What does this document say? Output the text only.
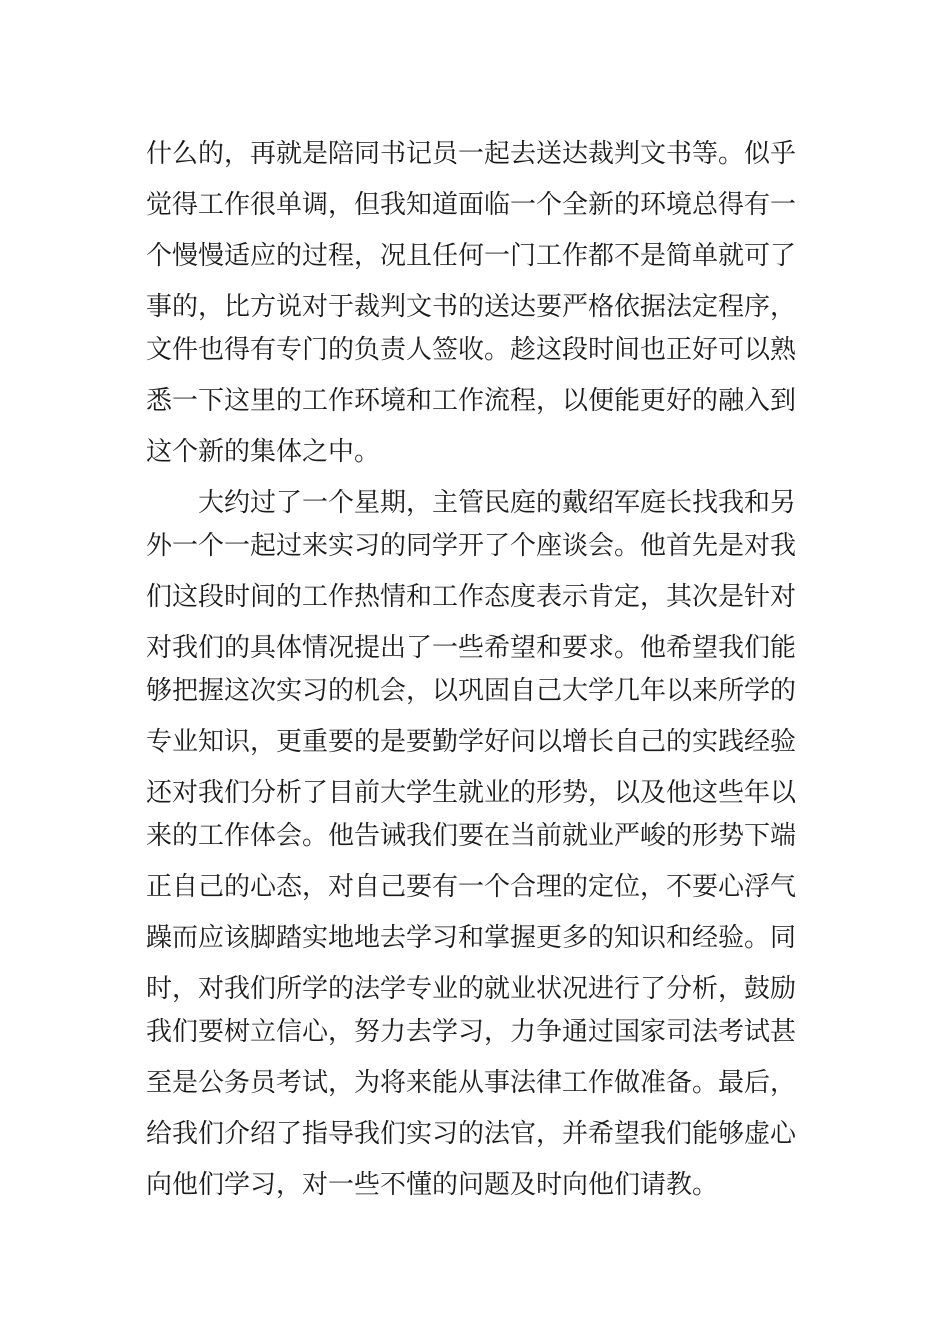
什么的，再就是陪同书记员一起去送达裁判文书等。似乎
觉得工作很单调，但我知道面临一个全新的环境总得有一
个慢慢适应的过程，况且任何一门工作都不是简单就可了
事的，比方说对于裁判文书的送达要严格依据法定程序，
文件也得有专门的负责人签收。趁这段时间也正好可以熟
悉一下这里的工作环境和工作流程，以便能更好的融入到
这个新的集体之中。
大约过了一个星期，主管民庭的戴绍军庭长找我和另
外一个一起过来实习的同学开了个座谈会。他首先是对我
们这段时间的工作热情和工作态度表示肯定，其次是针对
对我们的具体情况提出了一些希望和要求。他希望我们能
够把握这次实习的机会，以巩固自己大学几年以来所学的
专业知识，更重要的是要勤学好问以增长自己的实践经验
还对我们分析了目前大学生就业的形势，以及他这些年以
来的工作体会。他告诫我们要在当前就业严峻的形势下端
正自己的心态，对自己要有一个合理的定位，不要心浮气
躁而应该脚踏实地地去学习和掌握更多的知识和经验。同
时，对我们所学的法学专业的就业状况进行了分析，鼓励
我们要树立信心，努力去学习，力争通过国家司法考试甚
至是公务员考试，为将来能从事法律工作做准备。最后，
给我们介绍了指导我们实习的法官，并希望我们能够虚心
向他们学习，对一些不懂的问题及时向他们请教。
